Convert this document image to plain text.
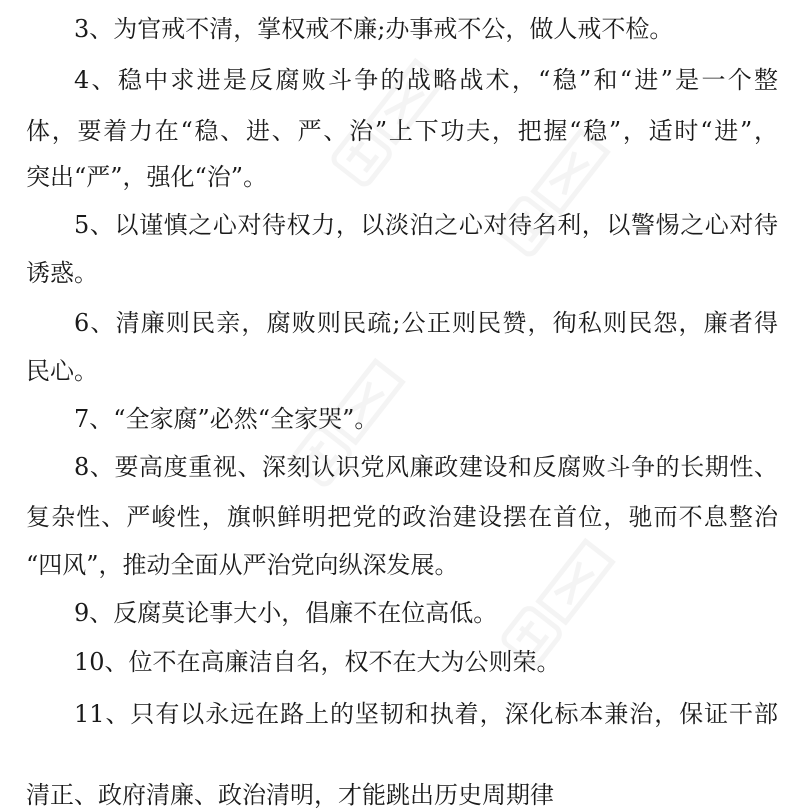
3、为官戒不清，掌权戒不廉;办事戒不公，做人戒不检。
4、稳中求进是反腐败斗争的战略战术，“稳”和“进”是一个整
体，要着力在“稳、进、严、治”上下功夫，把握“稳”，适时“进”，
突出“严”，强化“治”。
5、以谨慎之心对待权力，以淡泊之心对待名利，以警惕之心对待
诱惑。
6、清廉则民亲，腐败则民疏;公正则民赞，徇私则民怨，廉者得
民心。
7、“全家腐”必然“全家哭”。
8、要高度重视、深刻认识党风廉政建设和反腐败斗争的长期性、
复杂性、严峻性，旗帜鲜明把党的政治建设摆在首位，驰而不息整治
“四风”，推动全面从严治党向纵深发展。
9、反腐莫论事大小，倡廉不在位高低。
10、位不在高廉洁自名，权不在大为公则荣。
11、只有以永远在路上的坚韧和执着，深化标本兼治，保证干部
清正、政府清廉、政治清明，才能跳出历史周期律
